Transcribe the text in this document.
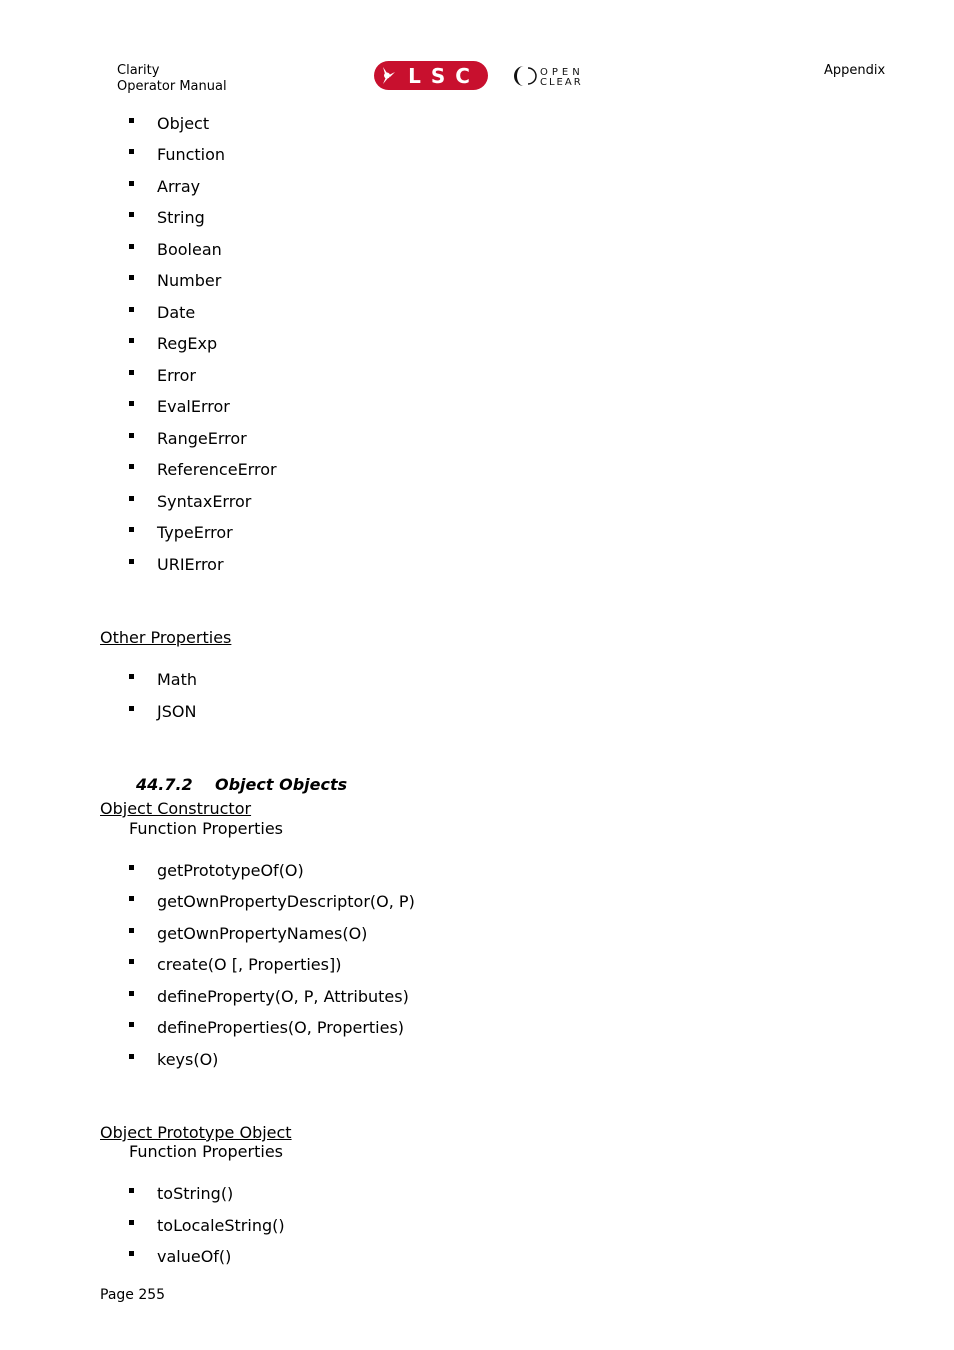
Clarity
Operator Manual	LSC	OPEN
CLEAR
Appendix
Object
Function
Array
String
Boolean
Number
Date
RegExp
Error
EvalError
RangeError
ReferenceError
SyntaxError
TypeError
URIError
Other Properties
Math
JSON
44.7.2 Object Objects
Object Constructor
Function Properties
getPrototypeOf(O)
getOwnPropertyDescriptor(O, P)
getOwnPropertyNames(O)
create(O [, Properties])
defineProperty(O, P, Attributes)
defineProperties(O, Properties)
keys(O)
Object Prototype Object
Function Properties
toString()
toLocaleString()
valueOf()
Page 255
